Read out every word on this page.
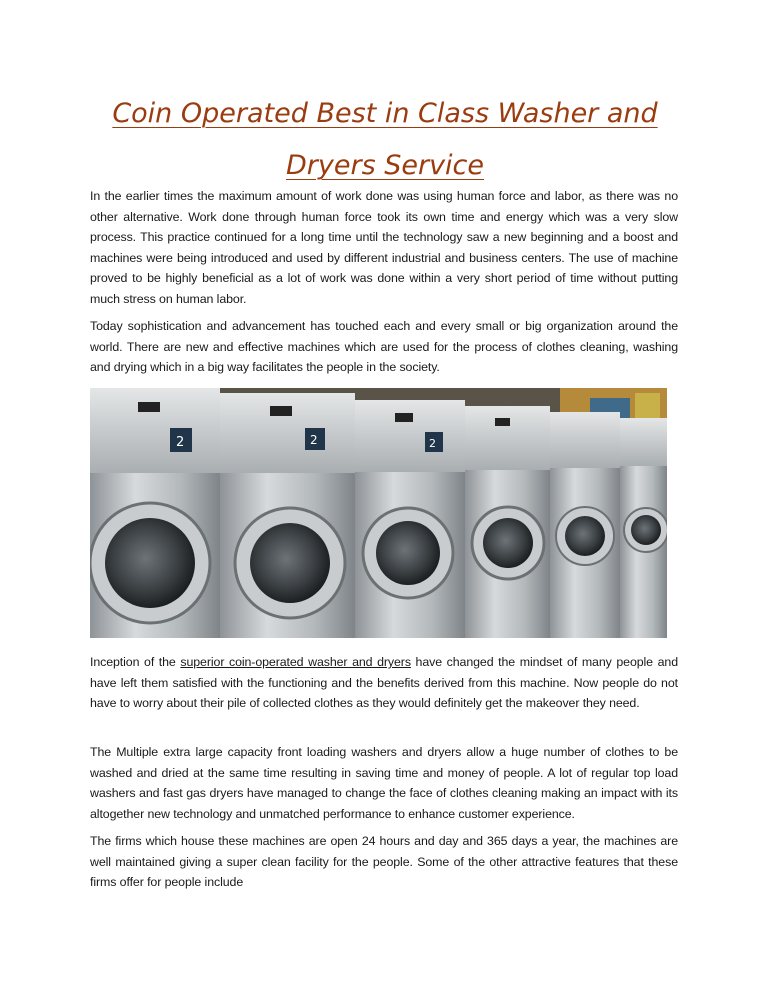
Coin Operated Best in Class Washer and
Dryers Service

In the earlier times the maximum amount of work done was using human force and labor, as there was no other alternative. Work done through human force took its own time and energy which was a very slow process. This practice continued for a long time until the technology saw a new beginning and a boost and machines were being introduced and used by different industrial and business centers. The use of machine proved to be highly beneficial as a lot of work was done within a very short period of time without putting much stress on human labor.

Today sophistication and advancement has touched each and every small or big organization around the world. There are new and effective machines which are used for the process of clothes cleaning, washing and drying which in a big way facilitates the people in the society.

2	2	2

Inception of the superior coin-operated washer and dryers have changed the mindset of many people and have left them satisfied with the functioning and the benefits derived from this machine. Now people do not have to worry about their pile of collected clothes as they would definitely get the makeover they need.

The Multiple extra large capacity front loading washers and dryers allow a huge number of clothes to be washed and dried at the same time resulting in saving time and money of people. A lot of regular top load washers and fast gas dryers have managed to change the face of clothes cleaning making an impact with its altogether new technology and unmatched performance to enhance customer experience.

The firms which house these machines are open 24 hours and day and 365 days a year, the machines are well maintained giving a super clean facility for the people. Some of the other attractive features that these firms offer for people include
